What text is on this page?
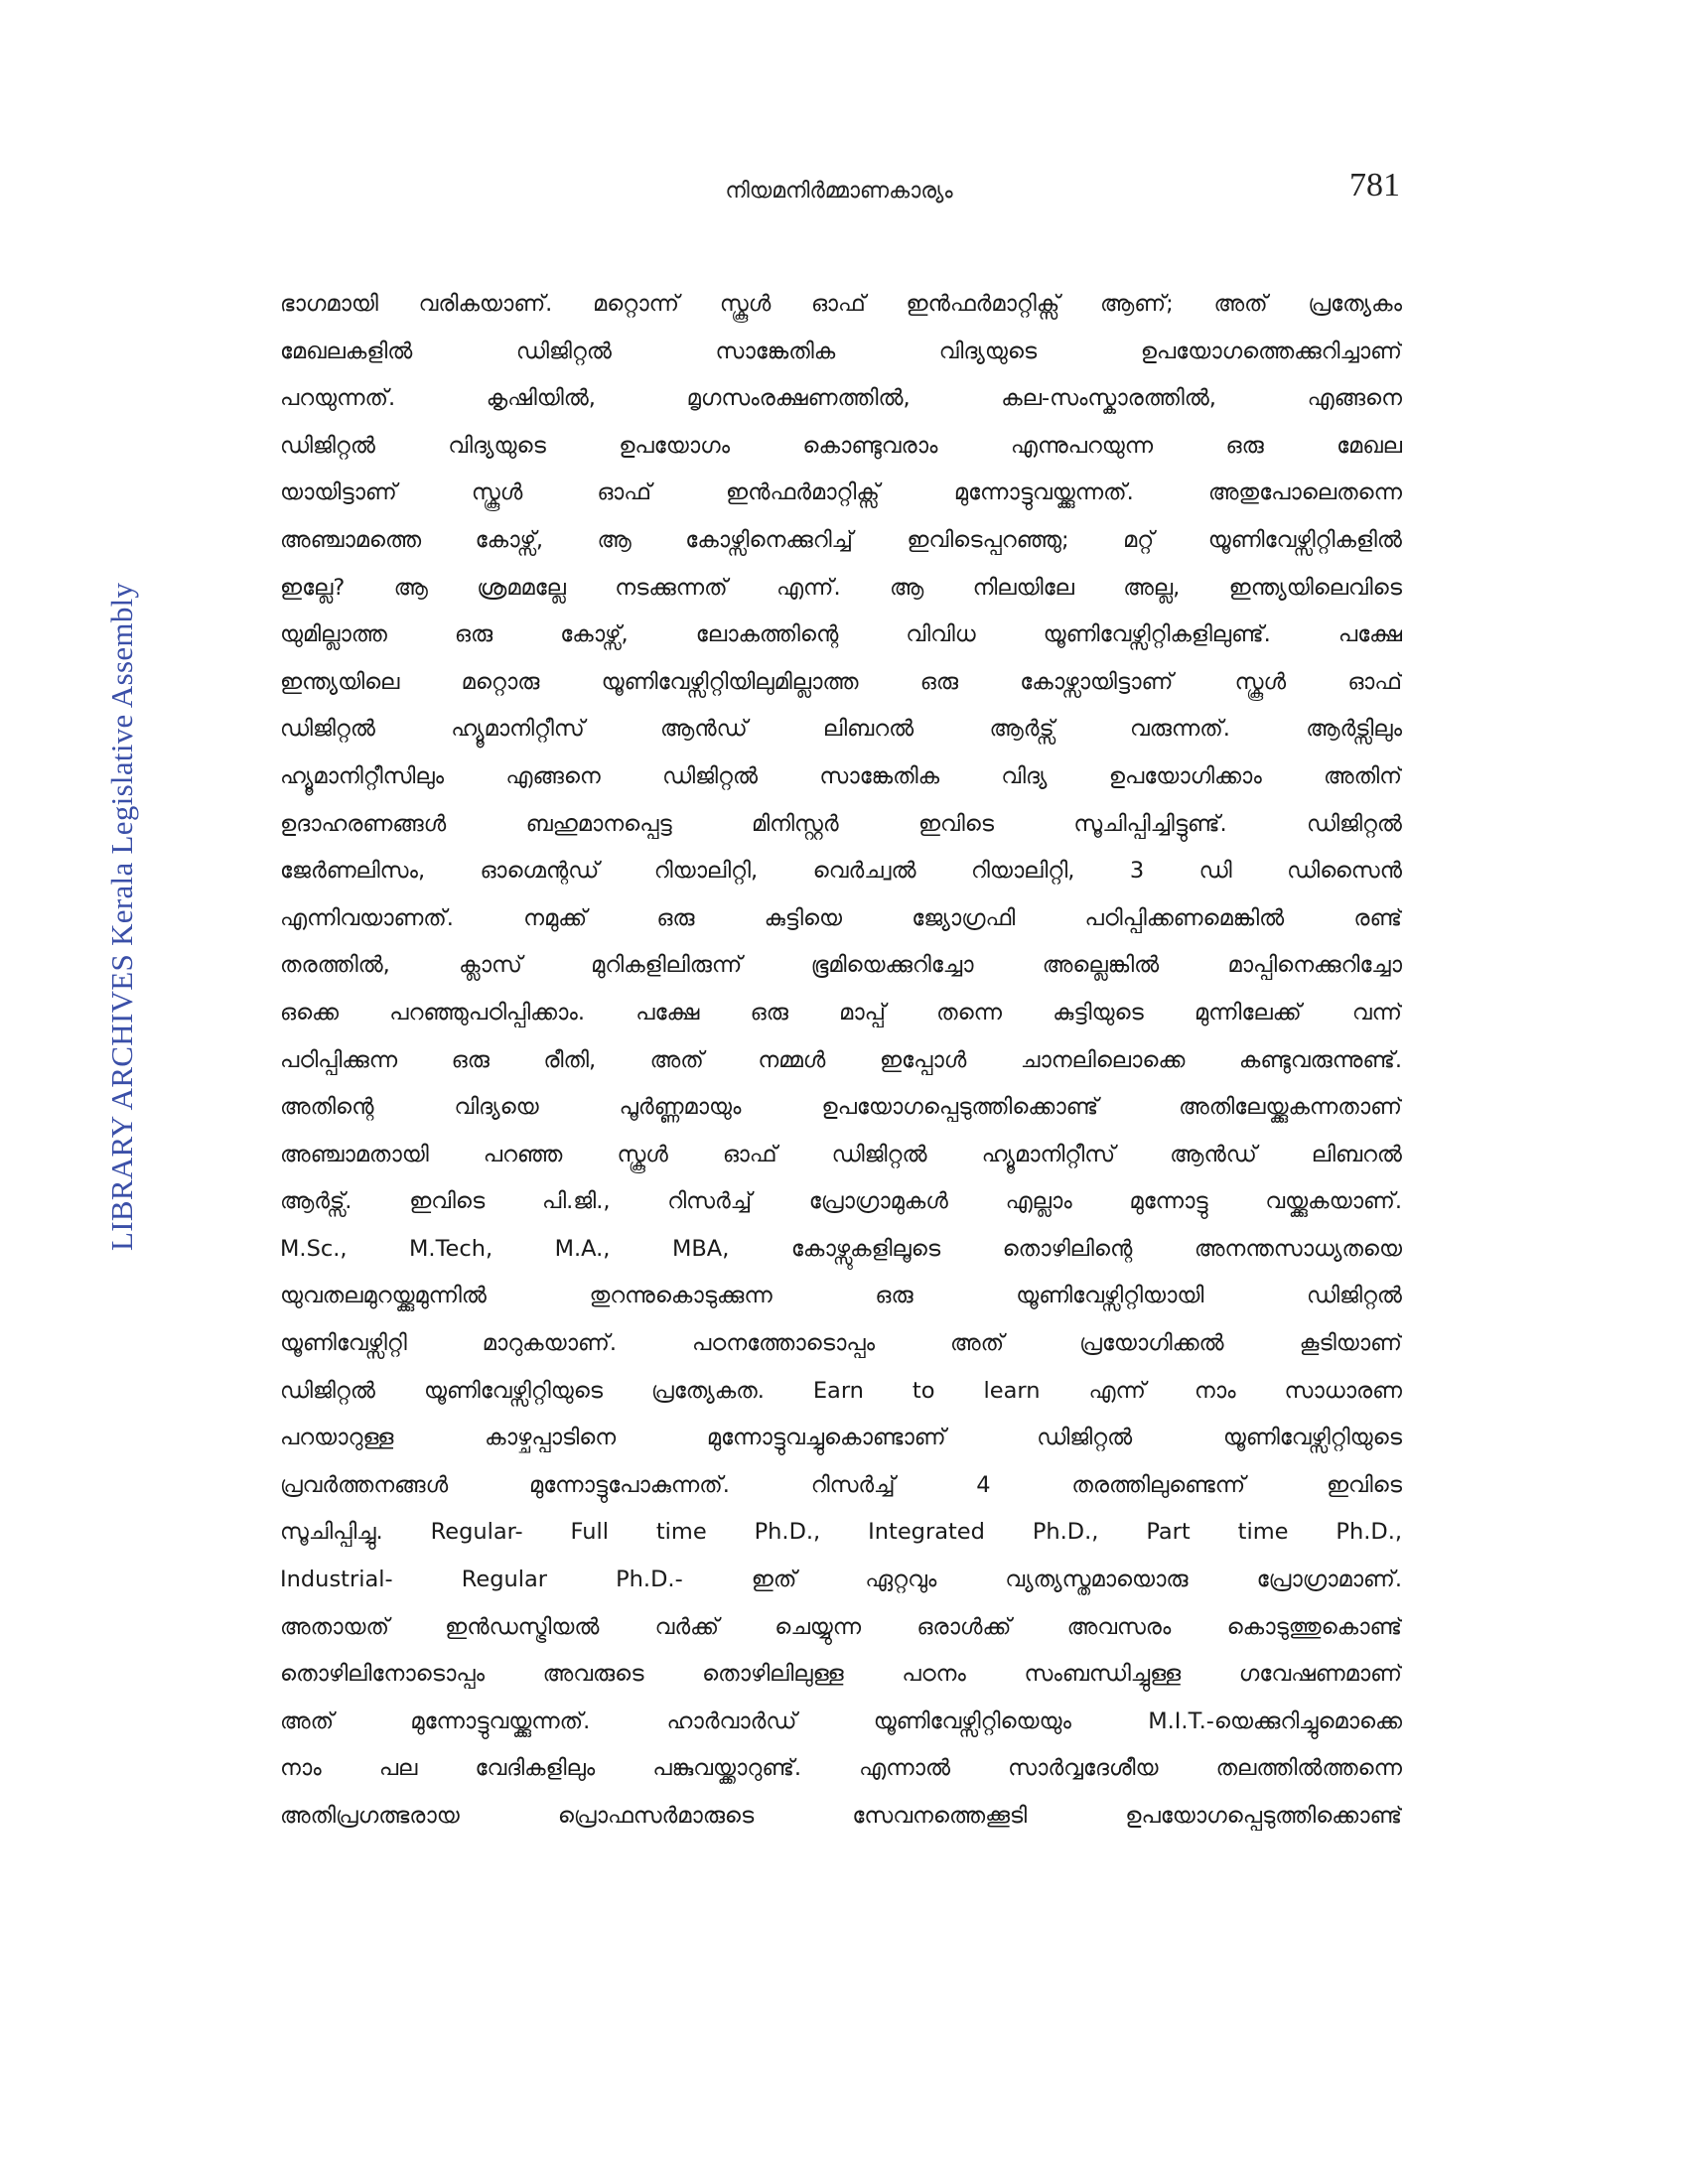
നിയമനിർമ്മാണകാര്യം	781
LIBRARY ARCHIVES Kerala Legislative Assembly
ഭാഗമായി വരികയാണ്. മറ്റൊന്ന് സ്കൂൾ ഓഫ് ഇൻഫർമാറ്റിക്സ് ആണ്; അത് പ്രത്യേകം
മേഖലകളിൽ ഡിജിറ്റൽ സാങ്കേതിക വിദ്യയുടെ ഉപയോഗത്തെക്കുറിച്ചാണ്
പറയുന്നത്. കൃഷിയിൽ, മൃഗസംരക്ഷണത്തിൽ, കല-സംസ്കാരത്തിൽ, എങ്ങനെ
ഡിജിറ്റൽ വിദ്യയുടെ ഉപയോഗം കൊണ്ടുവരാം എന്നുപറയുന്ന ഒരു മേഖല
യായിട്ടാണ് സ്കൂൾ ഓഫ് ഇൻഫർമാറ്റിക്സ് മുന്നോട്ടുവയ്ക്കുന്നത്. അതുപോലെതന്നെ
അഞ്ചാമത്തെ കോഴ്സ്, ആ കോഴ്സിനെക്കുറിച്ച് ഇവിടെപ്പറഞ്ഞു; മറ്റ് യൂണിവേഴ്സിറ്റികളിൽ
ഇല്ലേ? ആ ശ്രമമല്ലേ നടക്കുന്നത് എന്ന്. ആ നിലയിലേ അല്ല, ഇന്ത്യയിലെവിടെ
യുമില്ലാത്ത ഒരു കോഴ്സ്, ലോകത്തിന്റെ വിവിധ യൂണിവേഴ്സിറ്റികളിലുണ്ട്. പക്ഷേ
ഇന്ത്യയിലെ മറ്റൊരു യൂണിവേഴ്സിറ്റിയിലുമില്ലാത്ത ഒരു കോഴ്സായിട്ടാണ് സ്കൂൾ ഓഫ്
ഡിജിറ്റൽ ഹ്യൂമാനിറ്റീസ് ആൻഡ് ലിബറൽ ആർട്സ് വരുന്നത്. ആർട്സിലും
ഹ്യൂമാനിറ്റീസിലും എങ്ങനെ ഡിജിറ്റൽ സാങ്കേതിക വിദ്യ ഉപയോഗിക്കാം അതിന്
ഉദാഹരണങ്ങൾ ബഹുമാനപ്പെട്ട മിനിസ്റ്റർ ഇവിടെ സൂചിപ്പിച്ചിട്ടുണ്ട്. ഡിജിറ്റൽ
ജേർണലിസം, ഓഗ്മെന്റഡ് റിയാലിറ്റി, വെർച്വൽ റിയാലിറ്റി, 3 ഡി ഡിസൈൻ
എന്നിവയാണത്. നമുക്ക് ഒരു കുട്ടിയെ ജ്യോഗ്രഫി പഠിപ്പിക്കണമെങ്കിൽ രണ്ട്
തരത്തിൽ, ക്ലാസ് മുറികളിലിരുന്ന് ഭൂമിയെക്കുറിച്ചോ അല്ലെങ്കിൽ മാപ്പിനെക്കുറിച്ചോ
ഒക്കെ പറഞ്ഞുപഠിപ്പിക്കാം. പക്ഷേ ഒരു മാപ്പ് തന്നെ കുട്ടിയുടെ മുന്നിലേക്ക് വന്ന്
പഠിപ്പിക്കുന്ന ഒരു രീതി, അത് നമ്മൾ ഇപ്പോൾ ചാനലിലൊക്കെ കണ്ടുവരുന്നുണ്ട്.
അതിന്റെ വിദ്യയെ പൂർണ്ണമായും ഉപയോഗപ്പെടുത്തിക്കൊണ്ട് അതിലേയ്ക്കുകന്നതാണ്
അഞ്ചാമതായി പറഞ്ഞ സ്കൂൾ ഓഫ് ഡിജിറ്റൽ ഹ്യൂമാനിറ്റീസ് ആൻഡ് ലിബറൽ
ആർട്സ്. ഇവിടെ പി.ജി., റിസർച്ച് പ്രോഗ്രാമുകൾ എല്ലാം മുന്നോട്ടു വയ്ക്കുകയാണ്.
M.Sc., M.Tech, M.A., MBA, കോഴ്സുകളിലൂടെ തൊഴിലിന്റെ അനന്തസാധ്യതയെ
യുവതലമുറയ്ക്കുമുന്നിൽ തുറന്നുകൊടുക്കുന്ന ഒരു യൂണിവേഴ്സിറ്റിയായി ഡിജിറ്റൽ
യൂണിവേഴ്സിറ്റി മാറുകയാണ്. പഠനത്തോടൊപ്പം അത് പ്രയോഗിക്കൽ കൂടിയാണ്
ഡിജിറ്റൽ യൂണിവേഴ്സിറ്റിയുടെ പ്രത്യേകത. Earn to learn എന്ന് നാം സാധാരണ
പറയാറുള്ള കാഴ്ചപ്പാടിനെ മുന്നോട്ടുവച്ചുകൊണ്ടാണ് ഡിജിറ്റൽ യൂണിവേഴ്സിറ്റിയുടെ
പ്രവർത്തനങ്ങൾ മുന്നോട്ടുപോകുന്നത്. റിസർച്ച് 4 തരത്തിലുണ്ടെന്ന് ഇവിടെ
സൂചിപ്പിച്ചു. Regular- Full time Ph.D., Integrated Ph.D., Part time Ph.D.,
Industrial- Regular Ph.D.- ഇത് ഏറ്റവും വ്യത്യസ്തമായൊരു പ്രോഗ്രാമാണ്.
അതായത് ഇൻഡസ്ട്രിയൽ വർക്ക് ചെയ്യുന്ന ഒരാൾക്ക് അവസരം കൊടുത്തുകൊണ്ട്
തൊഴിലിനോടൊപ്പം അവരുടെ തൊഴിലിലുള്ള പഠനം സംബന്ധിച്ചുള്ള ഗവേഷണമാണ്
അത് മുന്നോട്ടുവയ്ക്കുന്നത്. ഹാർവാർഡ് യൂണിവേഴ്സിറ്റിയെയും M.I.T.-യെക്കുറിച്ചുമൊക്കെ
നാം പല വേദികളിലും പങ്കുവയ്ക്കാറുണ്ട്. എന്നാൽ സാർവ്വദേശീയ തലത്തിൽത്തന്നെ
അതിപ്രഗത്ഭരായ പ്രൊഫസർമാരുടെ സേവനത്തെക്കൂടി ഉപയോഗപ്പെടുത്തിക്കൊണ്ട്
